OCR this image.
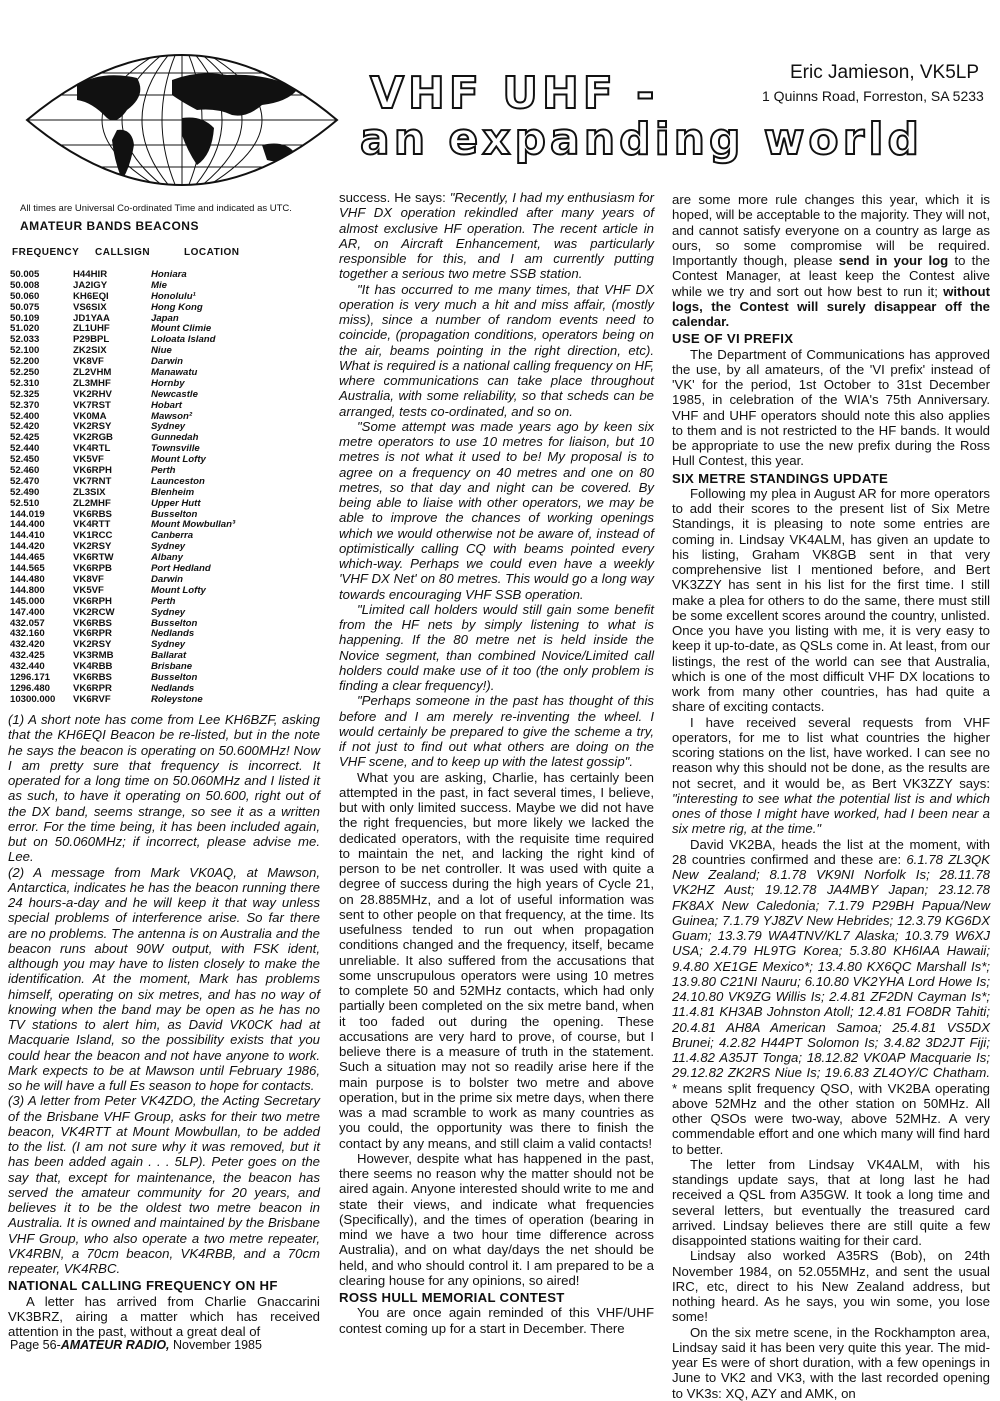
VHF UHF -
an expanding world
Eric Jamieson, VK5LP
1 Quinns Road, Forreston, SA 5233
All times are Universal Co-ordinated Time and indicated as UTC.
AMATEUR BANDS BEACONS
FREQUENCY CALLSIGN	LOCATION
50.005	H44HIR	Honiara
50.008	JA2IGY	Mie
50.060	KH6EQI	Honolulu¹
50.075	VS6SIX	Hong Kong
50.109	JD1YAA	Japan
51.020	ZL1UHF	Mount Climie
52.033	P29BPL	Loloata Island
52.100	ZK2SIX	Niue
52.200	VK8VF	Darwin
52.250	ZL2VHM	Manawatu
52.310	ZL3MHF	Hornby
52.325	VK2RHV	Newcastle
52.370	VK7RST	Hobart
52.400	VK0MA	Mawson²
52.420	VK2RSY	Sydney
52.425	VK2RGB	Gunnedah
52.440	VK4RTL	Townsville
52.450	VK5VF	Mount Lofty
52.460	VK6RPH	Perth
52.470	VK7RNT	Launceston
52.490	ZL3SIX	Blenheim
52.510	ZL2MHF	Upper Hutt
144.019	VK6RBS	Busselton
144.400	VK4RTT	Mount Mowbullan³
144.410	VK1RCC	Canberra
144.420	VK2RSY	Sydney
144.465	VK6RTW	Albany
144.565	VK6RPB	Port Hedland
144.480	VK8VF	Darwin
144.800	VK5VF	Mount Lofty
145.000	VK6RPH	Perth
147.400	VK2RCW	Sydney
432.057	VK6RBS	Busselton
432.160	VK6RPR	Nedlands
432.420	VK2RSY	Sydney
432.425	VK3RMB	Ballarat
432.440	VK4RBB	Brisbane
1296.171	VK6RBS	Busselton
1296.480	VK6RPR	Nedlands
10300.000	VK6RVF	Roleystone

(1) A short note has come from Lee KH6BZF, asking that the KH6EQI Beacon be re-listed, but in the note he says the beacon is operating on 50.600MHz! Now I am pretty sure that frequency is incorrect. It operated for a long time on 50.060MHz and I listed it as such, to have it operating on 50.600, right out of the DX band, seems strange, so see it as a written error. For the time being, it has been included again, but on 50.060MHz; if incorrect, please advise me. Lee.

(2) A message from Mark VK0AQ, at Mawson, Antarctica, indicates he has the beacon running there 24 hours-a-day and he will keep it that way unless special problems of interference arise. So far there are no problems. The antenna is on Australia and the beacon runs about 90W output, with FSK ident, although you may have to listen closely to make the identification. At the moment, Mark has problems himself, operating on six metres, and has no way of knowing when the band may be open as he has no TV stations to alert him, as David VK0CK had at Macquarie Island, so the possibility exists that you could hear the beacon and not have anyone to work. Mark expects to be at Mawson until February 1986, so he will have a full Es season to hope for contacts.

(3) A letter from Peter VK4ZDO, the Acting Secretary of the Brisbane VHF Group, asks for their two metre beacon, VK4RTT at Mount Mowbullan, to be added to the list. (I am not sure why it was removed, but it has been added again . . . 5LP). Peter goes on the say that, except for maintenance, the beacon has served the amateur community for 20 years, and believes it to be the oldest two metre beacon in Australia. It is owned and maintained by the Brisbane VHF Group, who also operate a two metre repeater, VK4RBN, a 70cm beacon, VK4RBB, and a 70cm repeater, VK4RBC.

NATIONAL CALLING FREQUENCY ON HF

A letter has arrived from Charlie Gnaccarini VK3BRZ, airing a matter which has received attention in the past, without a great deal of

success. He says: "Recently, I had my enthusiasm for VHF DX operation rekindled after many years of almost exclusive HF operation. The recent article in AR, on Aircraft Enhancement, was particularly responsible for this, and I am currently putting together a serious two metre SSB station.

"It has occurred to me many times, that VHF DX operation is very much a hit and miss affair, (mostly miss), since a number of random events need to coincide, (propagation conditions, operators being on the air, beams pointing in the right direction, etc). What is required is a national calling frequency on HF, where communications can take place throughout Australia, with some reliability, so that scheds can be arranged, tests co-ordinated, and so on.

"Some attempt was made years ago by keen six metre operators to use 10 metres for liaison, but 10 metres is not what it used to be! My proposal is to agree on a frequency on 40 metres and one on 80 metres, so that day and night can be covered. By being able to liaise with other operators, we may be able to improve the chances of working openings which we would otherwise not be aware of, instead of optimistically calling CQ with beams pointed every which-way. Perhaps we could even have a weekly 'VHF DX Net' on 80 metres. This would go a long way towards encouraging VHF SSB operation.

"Limited call holders would still gain some benefit from the HF nets by simply listening to what is happening. If the 80 metre net is held inside the Novice segment, than combined Novice/Limited call holders could make use of it too (the only problem is finding a clear frequency!).

"Perhaps someone in the past has thought of this before and I am merely re-inventing the wheel. I would certainly be prepared to give the scheme a try, if not just to find out what others are doing on the VHF scene, and to keep up with the latest gossip".

What you are asking, Charlie, has certainly been attempted in the past, in fact several times, I believe, but with only limited success. Maybe we did not have the right frequencies, but more likely we lacked the dedicated operators, with the requisite time required to maintain the net, and lacking the right kind of person to be net controller. It was used with quite a degree of success during the high years of Cycle 21, on 28.885MHz, and a lot of useful information was sent to other people on that frequency, at the time. Its usefulness tended to run out when propagation conditions changed and the frequency, itself, became unreliable. It also suffered from the accusations that some unscrupulous operators were using 10 metres to complete 50 and 52MHz contacts, which had only partially been completed on the six metre band, when it too faded out during the opening. These accusations are very hard to prove, of course, but I believe there is a measure of truth in the statement. Such a situation may not so readily arise here if the main purpose is to bolster two metre and above operation, but in the prime six metre days, when there was a mad scramble to work as many countries as you could, the opportunity was there to finish the contact by any means, and still claim a valid contacts!

However, despite what has happened in the past, there seems no reason why the matter should not be aired again. Anyone interested should write to me and state their views, and indicate what frequencies (Specifically), and the times of operation (bearing in mind we have a two hour time difference across Australia), and on what day/days the net should be held, and who should control it. I am prepared to be a clearing house for any opinions, so aired!

ROSS HULL MEMORIAL CONTEST

You are once again reminded of this VHF/UHF contest coming up for a start in December. There

are some more rule changes this year, which it is hoped, will be acceptable to the majority. They will not, and cannot satisfy everyone on a country as large as ours, so some compromise will be required. Importantly though, please send in your log to the Contest Manager, at least keep the Contest alive while we try and sort out how best to run it; without logs, the Contest will surely disappear off the calendar.

USE OF VI PREFIX

The Department of Communications has approved the use, by all amateurs, of the 'VI prefix' instead of 'VK' for the period, 1st October to 31st December 1985, in celebration of the WIA's 75th Anniversary. VHF and UHF operators should note this also applies to them and is not restricted to the HF bands. It would be appropriate to use the new prefix during the Ross Hull Contest, this year.

SIX METRE STANDINGS UPDATE

Following my plea in August AR for more operators to add their scores to the present list of Six Metre Standings, it is pleasing to note some entries are coming in. Lindsay VK4ALM, has given an update to his listing, Graham VK8GB sent in that very comprehensive list I mentioned before, and Bert VK3ZZY has sent in his list for the first time. I still make a plea for others to do the same, there must still be some excellent scores around the country, unlisted. Once you have you listing with me, it is very easy to keep it up-to-date, as QSLs come in. At least, from our listings, the rest of the world can see that Australia, which is one of the most difficult VHF DX locations to work from many other countries, has had quite a share of exciting contacts.

I have received several requests from VHF operators, for me to list what countries the higher scoring stations on the list, have worked. I can see no reason why this should not be done, as the results are not secret, and it would be, as Bert VK3ZZY says: "interesting to see what the potential list is and which ones of those I might have worked, had I been near a six metre rig, at the time."

David VK2BA, heads the list at the moment, with 28 countries confirmed and these are: 6.1.78 ZL3QK New Zealand; 8.1.78 VK9NI Norfolk Is; 28.11.78 VK2HZ Aust; 19.12.78 JA4MBY Japan; 23.12.78 FK8AX New Caledonia; 7.1.79 P29BH Papua/New Guinea; 7.1.79 YJ8ZV New Hebrides; 12.3.79 KG6DX Guam; 13.3.79 WA4TNV/KL7 Alaska; 10.3.79 W6XJ USA; 2.4.79 HL9TG Korea; 5.3.80 KH6IAA Hawaii; 9.4.80 XE1GE Mexico*; 13.4.80 KX6QC Marshall Is*; 13.9.80 C21NI Nauru; 6.10.80 VK2YHA Lord Howe Is; 24.10.80 VK9ZG Willis Is; 2.4.81 ZF2DN Cayman Is*; 11.4.81 KH3AB Johnston Atoll; 12.4.81 FO8DR Tahiti; 20.4.81 AH8A American Samoa; 25.4.81 VS5DX Brunei; 4.2.82 H44PT Solomon Is; 3.4.82 3D2JT Fiji; 11.4.82 A35JT Tonga; 18.12.82 VK0AP Macquarie Is; 29.12.82 ZK2RS Niue Is; 19.6.83 ZL4OY/C Chatham. * means split frequency QSO, with VK2BA operating above 52MHz and the other station on 50MHz. All other QSOs were two-way, above 52MHz. A very commendable effort and one which many will find hard to better.

The letter from Lindsay VK4ALM, with his standings update says, that at long last he had received a QSL from A35GW. It took a long time and several letters, but eventually the treasured card arrived. Lindsay believes there are still quite a few disappointed stations waiting for their card.

Lindsay also worked A35RS (Bob), on 24th November 1984, on 52.055MHz, and sent the usual IRC, etc, direct to his New Zealand address, but nothing heard. As he says, you win some, you lose some!

On the six metre scene, in the Rockhampton area, Lindsay said it has been very quite this year. The mid-year Es were of short duration, with a few openings in June to VK2 and VK3, with the last recorded opening to VK3s: XQ, AZY and AMK, on

Page 56-AMATEUR RADIO, November 1985
